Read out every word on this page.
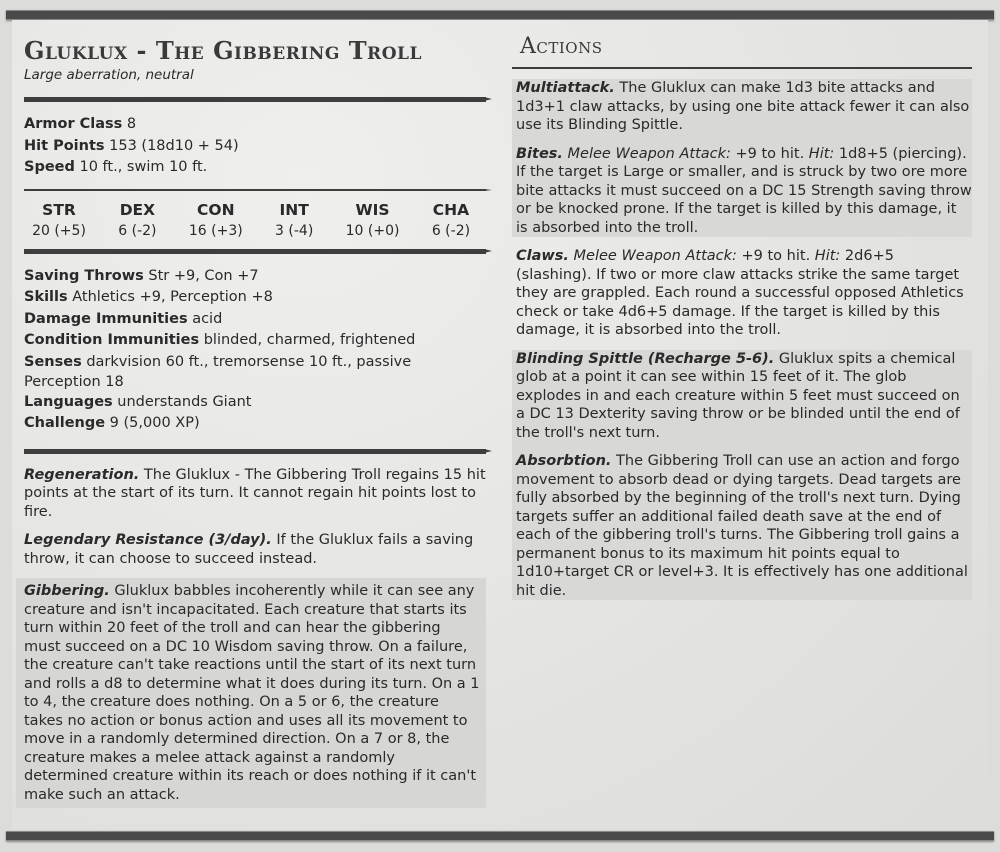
Gluklux - The Gibbering Troll
Large aberration, neutral
Armor Class 8
Hit Points 153 (18d10 + 54)
Speed 10 ft., swim 10 ft.
STR
20 (+5)
DEX
6 (-2)
CON
16 (+3)
INT
3 (-4)
WIS
10 (+0)
CHA
6 (-2)
Saving Throws Str +9, Con +7
Skills Athletics +9, Perception +8
Damage Immunities acid
Condition Immunities blinded, charmed, frightened
Senses darkvision 60 ft., tremorsense 10 ft., passive Perception 18
Languages understands Giant
Challenge 9 (5,000 XP)
Regeneration. The Gluklux - The Gibbering Troll regains 15 hit points at the start of its turn. It cannot regain hit points lost to fire.
Legendary Resistance (3/day). If the Gluklux fails a saving throw, it can choose to succeed instead.
Gibbering. Gluklux babbles incoherently while it can see any creature and isn't incapacitated. Each creature that starts its turn within 20 feet of the troll and can hear the gibbering must succeed on a DC 10 Wisdom saving throw. On a failure, the creature can't take reactions until the start of its next turn and rolls a d8 to determine what it does during its turn. On a 1 to 4, the creature does nothing. On a 5 or 6, the creature takes no action or bonus action and uses all its movement to move in a randomly determined direction. On a 7 or 8, the creature makes a melee attack against a randomly determined creature within its reach or does nothing if it can't make such an attack.
Actions
Multiattack. The Gluklux can make 1d3 bite attacks and 1d3+1 claw attacks, by using one bite attack fewer it can also use its Blinding Spittle.
Bites. Melee Weapon Attack: +9 to hit. Hit: 1d8+5 (piercing). If the target is Large or smaller, and is struck by two ore more bite attacks it must succeed on a DC 15 Strength saving throw or be knocked prone. If the target is killed by this damage, it is absorbed into the troll.
Claws. Melee Weapon Attack: +9 to hit. Hit: 2d6+5 (slashing). If two or more claw attacks strike the same target they are grappled. Each round a successful opposed Athletics check or take 4d6+5 damage. If the target is killed by this damage, it is absorbed into the troll.
Blinding Spittle (Recharge 5-6). Gluklux spits a chemical glob at a point it can see within 15 feet of it. The glob explodes in and each creature within 5 feet must succeed on a DC 13 Dexterity saving throw or be blinded until the end of the troll's next turn.
Absorbtion. The Gibbering Troll can use an action and forgo movement to absorb dead or dying targets. Dead targets are fully absorbed by the beginning of the troll's next turn. Dying targets suffer an additional failed death save at the end of each of the gibbering troll's turns. The Gibbering troll gains a permanent bonus to its maximum hit points equal to 1d10+target CR or level+3. It is effectively has one additional hit die.
